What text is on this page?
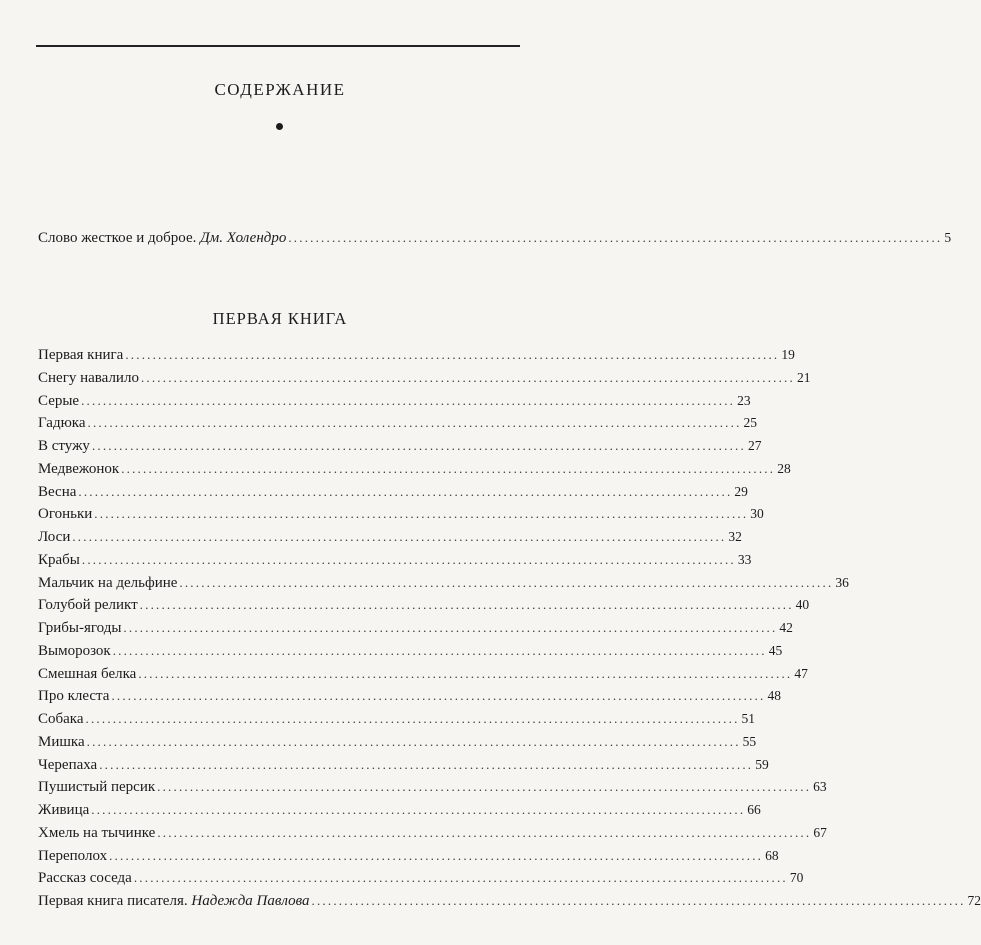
СОДЕРЖАНИЕ
Слово жесткое и доброе. Дм. Холендро ........................................................................................................................ 5
ПЕРВАЯ КНИГА
Первая книга ........................................................................................................................ 19
Снегу навалило ........................................................................................................................ 21
Серые ........................................................................................................................ 23
Гадюка ........................................................................................................................ 25
В стужу ........................................................................................................................ 27
Медвежонок ........................................................................................................................ 28
Весна ........................................................................................................................ 29
Огоньки ........................................................................................................................ 30
Лоси ........................................................................................................................ 32
Крабы ........................................................................................................................ 33
Мальчик на дельфине ........................................................................................................................ 36
Голубой реликт ........................................................................................................................ 40
Грибы-ягоды ........................................................................................................................ 42
Выморозок ........................................................................................................................ 45
Смешная белка ........................................................................................................................ 47
Про клеста ........................................................................................................................ 48
Собака ........................................................................................................................ 51
Мишка ........................................................................................................................ 55
Черепаха ........................................................................................................................ 59
Пушистый персик ........................................................................................................................ 63
Живица ........................................................................................................................ 66
Хмель на тычинке ........................................................................................................................ 67
Переполох ........................................................................................................................ 68
Рассказ соседа ........................................................................................................................ 70
Первая книга писателя. Надежда Павлова ........................................................................................................................ 72
